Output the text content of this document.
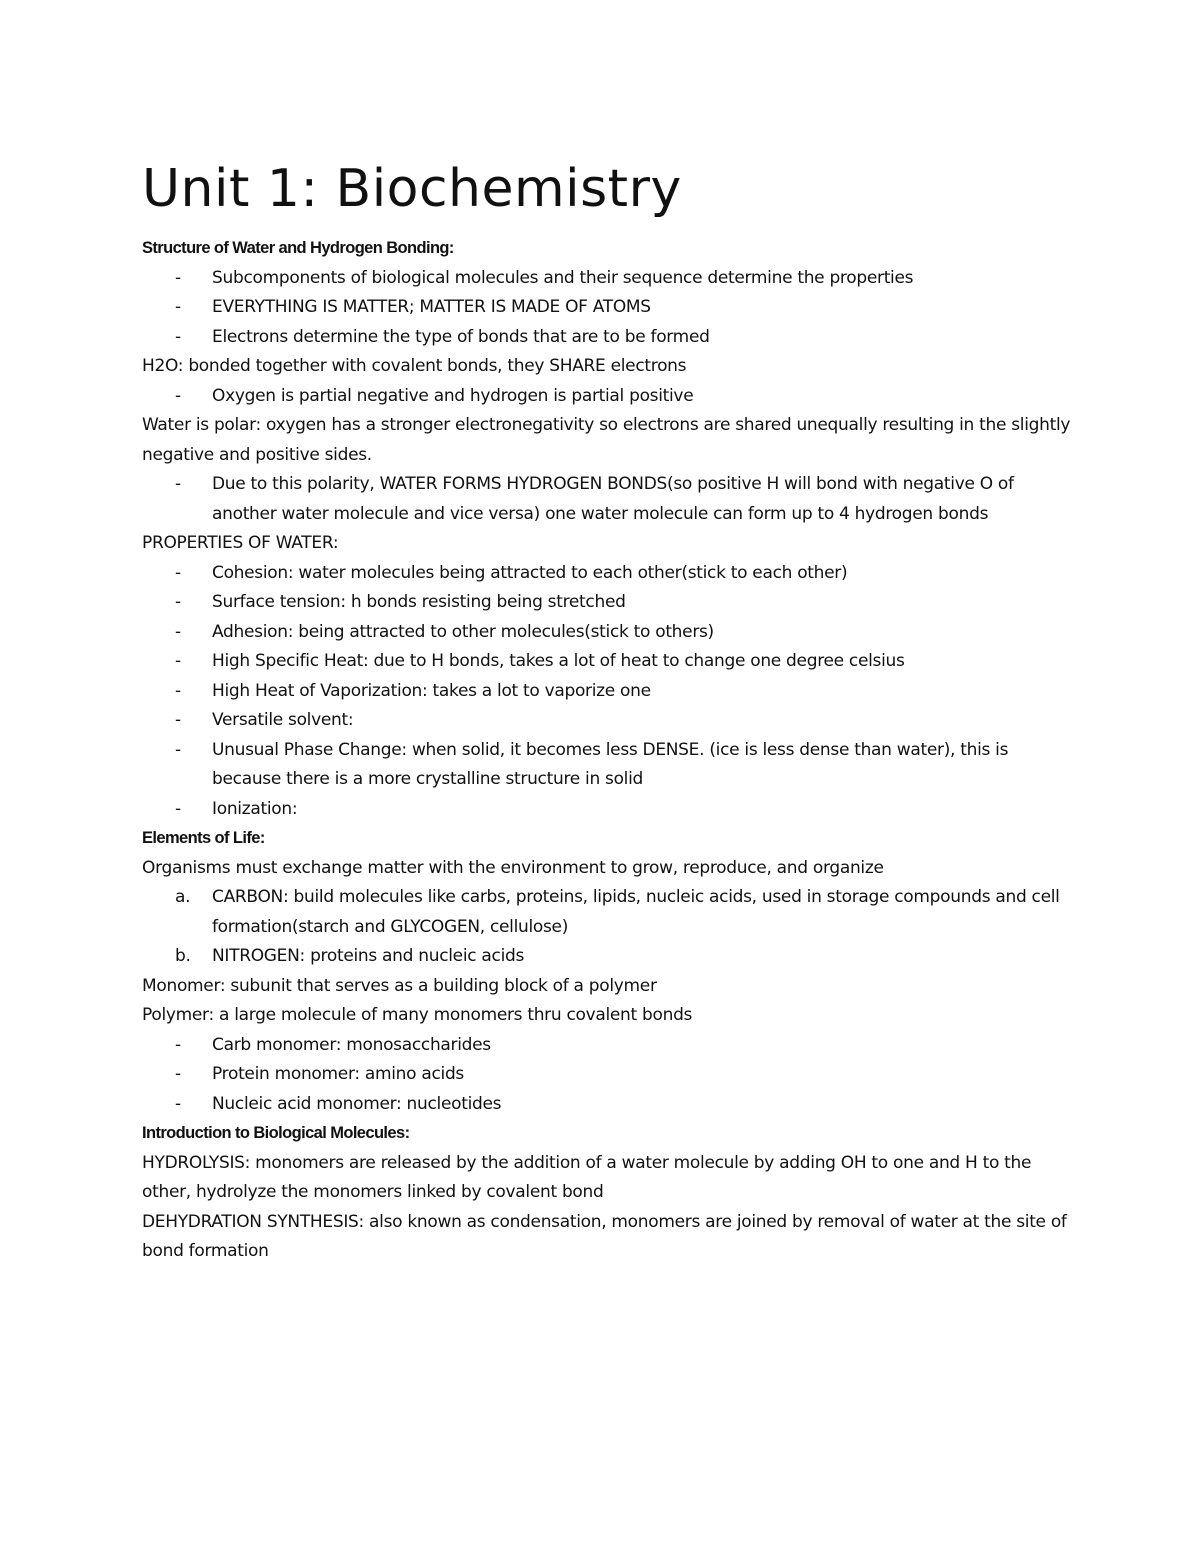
Unit 1: Biochemistry
Structure of Water and Hydrogen Bonding:
- Subcomponents of biological molecules and their sequence determine the properties
- EVERYTHING IS MATTER; MATTER IS MADE OF ATOMS
- Electrons determine the type of bonds that are to be formed
H2O: bonded together with covalent bonds, they SHARE electrons
- Oxygen is partial negative and hydrogen is partial positive
Water is polar: oxygen has a stronger electronegativity so electrons are shared unequally resulting in the slightly negative and positive sides.
- Due to this polarity, WATER FORMS HYDROGEN BONDS(so positive H will bond with negative O of another water molecule and vice versa) one water molecule can form up to 4 hydrogen bonds
PROPERTIES OF WATER:
- Cohesion: water molecules being attracted to each other(stick to each other)
- Surface tension: h bonds resisting being stretched
- Adhesion: being attracted to other molecules(stick to others)
- High Specific Heat: due to H bonds, takes a lot of heat to change one degree celsius
- High Heat of Vaporization: takes a lot to vaporize one
- Versatile solvent:
- Unusual Phase Change: when solid, it becomes less DENSE. (ice is less dense than water), this is because there is a more crystalline structure in solid
- Ionization:
Elements of Life:
Organisms must exchange matter with the environment to grow, reproduce, and organize
a. CARBON: build molecules like carbs, proteins, lipids, nucleic acids, used in storage compounds and cell formation(starch and GLYCOGEN, cellulose)
b. NITROGEN: proteins and nucleic acids
Monomer: subunit that serves as a building block of a polymer
Polymer: a large molecule of many monomers thru covalent bonds
- Carb monomer: monosaccharides
- Protein monomer: amino acids
- Nucleic acid monomer: nucleotides
Introduction to Biological Molecules:
HYDROLYSIS: monomers are released by the addition of a water molecule by adding OH to one and H to the other, hydrolyze the monomers linked by covalent bond
DEHYDRATION SYNTHESIS: also known as condensation, monomers are joined by removal of water at the site of bond formation
